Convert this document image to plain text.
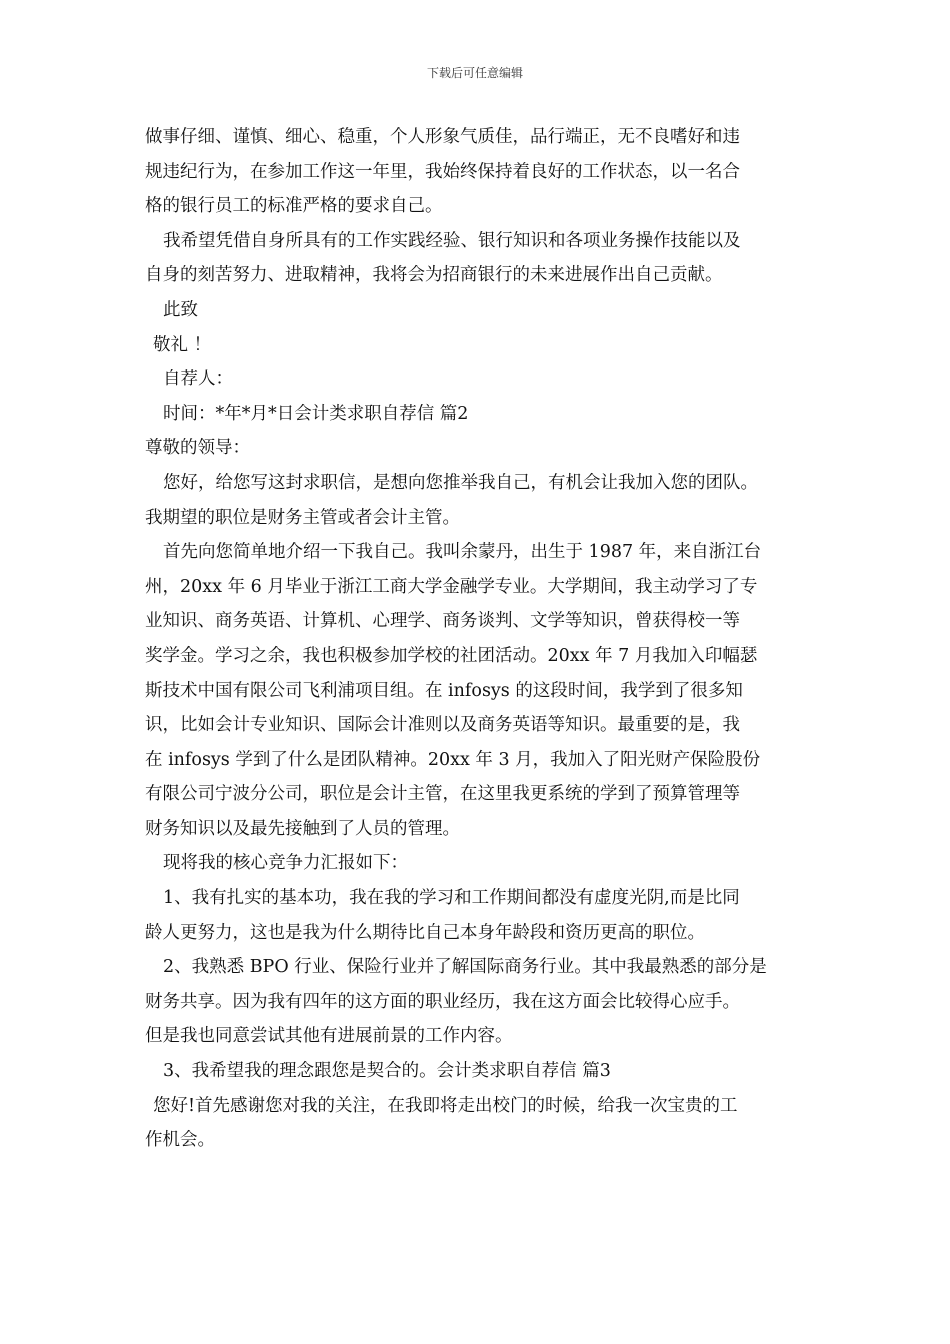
下载后可任意编辑
做事仔细、谨慎、细心、稳重，个人形象气质佳，品行端正，无不良嗜好和违
规违纪行为，在参加工作这一年里，我始终保持着良好的工作状态，以一名合
格的银行员工的标准严格的要求自己。
我希望凭借自身所具有的工作实践经验、银行知识和各项业务操作技能以及
自身的刻苦努力、进取精神，我将会为招商银行的未来进展作出自己贡献。
此致
敬礼 ！
自荐人：
时间：*年*月*日会计类求职自荐信 篇2
尊敬的领导：
您好，给您写这封求职信，是想向您推举我自己，有机会让我加入您的团队。
我期望的职位是财务主管或者会计主管。
首先向您简单地介绍一下我自己。我叫余蒙丹，出生于 1987 年，来自浙江台
州，20xx 年 6 月毕业于浙江工商大学金融学专业。大学期间，我主动学习了专
业知识、商务英语、计算机、心理学、商务谈判、文学等知识，曾获得校一等
奖学金。学习之余，我也积极参加学校的社团活动。20xx 年 7 月我加入印幅瑟
斯技术中国有限公司飞利浦项目组。在 infosys 的这段时间，我学到了很多知
识，比如会计专业知识、国际会计准则以及商务英语等知识。最重要的是，我
在 infosys 学到了什么是团队精神。20xx 年 3 月，我加入了阳光财产保险股份
有限公司宁波分公司，职位是会计主管，在这里我更系统的学到了预算管理等
财务知识以及最先接触到了人员的管理。
现将我的核心竞争力汇报如下：
1、我有扎实的基本功，我在我的学习和工作期间都没有虚度光阴,而是比同
龄人更努力，这也是我为什么期待比自己本身年龄段和资历更高的职位。
2、我熟悉 BPO 行业、保险行业并了解国际商务行业。其中我最熟悉的部分是
财务共享。因为我有四年的这方面的职业经历，我在这方面会比较得心应手。
但是我也同意尝试其他有进展前景的工作内容。
3、我希望我的理念跟您是契合的。会计类求职自荐信 篇3
您好!首先感谢您对我的关注，在我即将走出校门的时候，给我一次宝贵的工
作机会。
